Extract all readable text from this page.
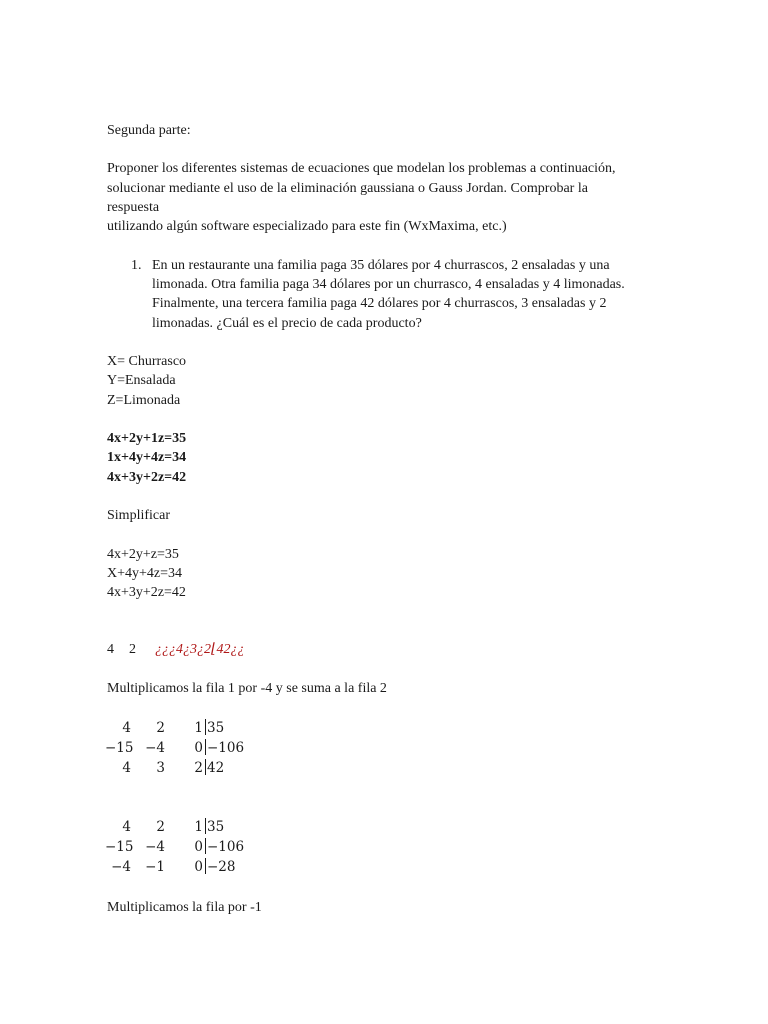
Segunda parte:
Proponer los diferentes sistemas de ecuaciones que modelan los problemas a continuación,
solucionar mediante el uso de la eliminación gaussiana o Gauss Jordan. Comprobar la
respuesta
utilizando algún software especializado para este fin (WxMaxima, etc.)
1. En un restaurante una familia paga 35 dólares por 4 churrascos, 2 ensaladas y una
limonada. Otra familia paga 34 dólares por un churrasco, 4 ensaladas y 4 limonadas.
Finalmente, una tercera familia paga 42 dólares por 4 churrascos, 3 ensaladas y 2
limonadas. ¿Cuál es el precio de cada producto?
X= Churrasco
Y=Ensalada
Z=Limonada
4x+2y+1z=35
1x+4y+4z=34
4x+3y+2z=42
Simplificar
4x+2y+z=35
X+4y+4z=34
4x+3y+2z=42
4 2 ¿¿¿4¿3¿2⌊42¿¿
Multiplicamos la fila 1 por -4 y se suma a la fila 2
4	2	1 35
−15 −4	0 −106
4	3	2 42
4	2	1 35
−15 −4	0 −106
−4	−1	0 −28
Multiplicamos la fila por -1
